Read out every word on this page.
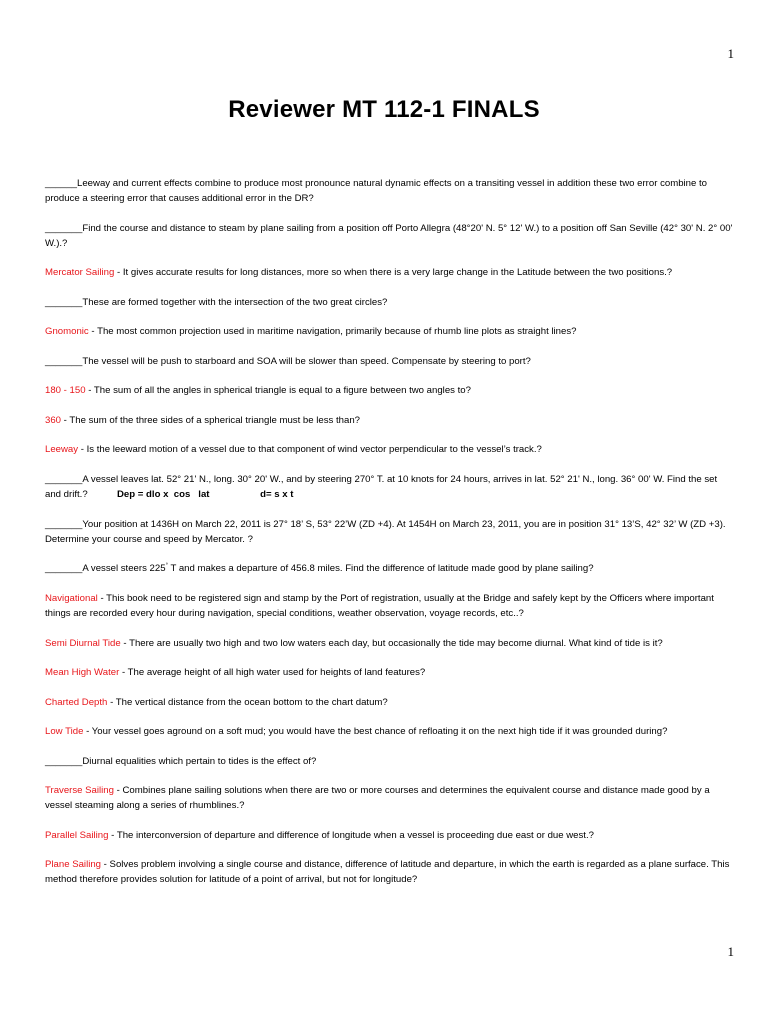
1
Reviewer MT 112-1 FINALS

______Leeway and current effects combine to produce most pronounce natural dynamic effects on a transiting vessel in addition these two error combine to produce a steering error that causes additional error in the DR?

_______Find the course and distance to steam by plane sailing from a position off Porto Allegra (48°20' N. 5° 12' W.) to a position off San Seville (42° 30' N. 2° 00' W.).?

Mercator Sailing - It gives accurate results for long distances, more so when there is a very large change in the Latitude between the two positions.?

_______These are formed together with the intersection of the two great circles?

Gnomonic - The most common projection used in maritime navigation, primarily because of rhumb line plots as straight lines?

_______The vessel will be push to starboard and SOA will be slower than speed. Compensate by steering to port?

180 - 150 - The sum of all the angles in spherical triangle is equal to a figure between two angles to?

360 - The sum of the three sides of a spherical triangle must be less than?

Leeway - Is the leeward motion of a vessel due to that component of wind vector perpendicular to the vessel’s track.?

_______A vessel leaves lat. 52° 21' N., long. 30° 20' W., and by steering 270° T. at 10 knots for 24 hours, arrives in lat. 52° 21' N., long. 36° 00' W. Find the set and drift.?           Dep = dlo x  cos   lat                   d= s x t

_______Your position at 1436H on March 22, 2011 is 27° 18’ S, 53° 22’W (ZD +4). At 1454H on March 23, 2011, you are in position 31° 13’S, 42° 32’ W (ZD +3). Determine your course and speed by Mercator. ?

_______A vessel steers 225° T and makes a departure of 456.8 miles. Find the difference of latitude made good by plane sailing?

Navigational - This book need to be registered sign and stamp by the Port of registration, usually at the Bridge and safely kept by the Officers where important things are recorded every hour during navigation, special conditions, weather observation, voyage records, etc..?

Semi Diurnal Tide - There are usually two high and two low waters each day, but occasionally the tide may become diurnal. What kind of tide is it?

Mean High Water - The average height of all high water used for heights of land features?

Charted Depth - The vertical distance from the ocean bottom to the chart datum?

Low Tide - Your vessel goes aground on a soft mud; you would have the best chance of refloating it on the next high tide if it was grounded during?

_______Diurnal equalities which pertain to tides is the effect of?

Traverse Sailing - Combines plane sailing solutions when there are two or more courses and determines the equivalent course and distance made good by a vessel steaming along a series of rhumblines.?

Parallel Sailing - The interconversion of departure and difference of longitude when a vessel is proceeding due east or due west.?

Plane Sailing - Solves problem involving a single course and distance, difference of latitude and departure, in which the earth is regarded as a plane surface. This method therefore provides solution for latitude of a point of arrival, but not for longitude?

1
